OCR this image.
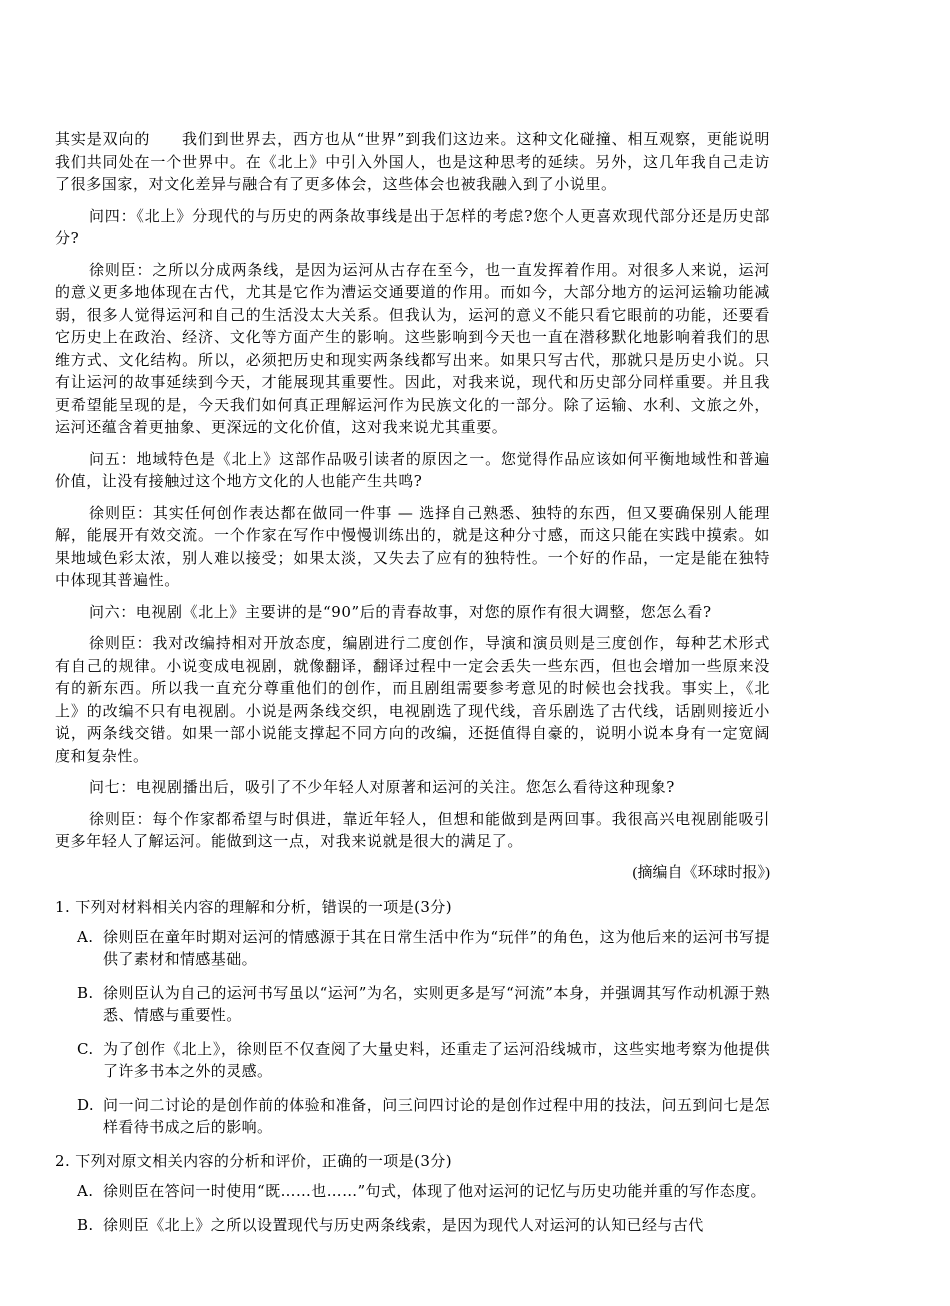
其实是双向的　　我们到世界去，西方也从“世界”到我们这边来。这种文化碰撞、相互观察，更能说明我们共同处在一个世界中。在《北上》中引入外国人，也是这种思考的延续。另外，这几年我自己走访了很多国家，对文化差异与融合有了更多体会，这些体会也被我融入到了小说里。

问四：《北上》分现代的与历史的两条故事线是出于怎样的考虑?您个人更喜欢现代部分还是历史部分?

徐则臣：之所以分成两条线，是因为运河从古存在至今，也一直发挥着作用。对很多人来说，运河的意义更多地体现在古代，尤其是它作为漕运交通要道的作用。而如今，大部分地方的运河运输功能减弱，很多人觉得运河和自己的生活没太大关系。但我认为，运河的意义不能只看它眼前的功能，还要看它历史上在政治、经济、文化等方面产生的影响。这些影响到今天也一直在潜移默化地影响着我们的思维方式、文化结构。所以，必须把历史和现实两条线都写出来。如果只写古代，那就只是历史小说。只有让运河的故事延续到今天，才能展现其重要性。因此，对我来说，现代和历史部分同样重要。并且我更希望能呈现的是，今天我们如何真正理解运河作为民族文化的一部分。除了运输、水利、文旅之外，运河还蕴含着更抽象、更深远的文化价值，这对我来说尤其重要。

问五：地域特色是《北上》这部作品吸引读者的原因之一。您觉得作品应该如何平衡地域性和普遍价值，让没有接触过这个地方文化的人也能产生共鸣?

徐则臣：其实任何创作表达都在做同一件事 — 选择自己熟悉、独特的东西，但又要确保别人能理解，能展开有效交流。一个作家在写作中慢慢训练出的，就是这种分寸感，而这只能在实践中摸索。如果地域色彩太浓，别人难以接受；如果太淡，又失去了应有的独特性。一个好的作品，一定是能在独特中体现其普遍性。

问六：电视剧《北上》主要讲的是“90”后的青春故事，对您的原作有很大调整，您怎么看?

徐则臣：我对改编持相对开放态度，编剧进行二度创作，导演和演员则是三度创作，每种艺术形式有自己的规律。小说变成电视剧，就像翻译，翻译过程中一定会丢失一些东西，但也会增加一些原来没有的新东西。所以我一直充分尊重他们的创作，而且剧组需要参考意见的时候也会找我。事实上，《北上》的改编不只有电视剧。小说是两条线交织，电视剧选了现代线，音乐剧选了古代线，话剧则接近小说，两条线交错。如果一部小说能支撑起不同方向的改编，还挺值得自豪的，说明小说本身有一定宽阔度和复杂性。

问七：电视剧播出后，吸引了不少年轻人对原著和运河的关注。您怎么看待这种现象?

徐则臣：每个作家都希望与时俱进，靠近年轻人，但想和能做到是两回事。我很高兴电视剧能吸引更多年轻人了解运河。能做到这一点，对我来说就是很大的满足了。

(摘编自《环球时报》)
1. 下列对材料相关内容的理解和分析，错误的一项是(3分)
A. 徐则臣在童年时期对运河的情感源于其在日常生活中作为“玩伴”的角色，这为他后来的运河书写提供了素材和情感基础。
B. 徐则臣认为自己的运河书写虽以“运河”为名，实则更多是写“河流”本身，并强调其写作动机源于熟悉、情感与重要性。
C. 为了创作《北上》，徐则臣不仅查阅了大量史料，还重走了运河沿线城市，这些实地考察为他提供了许多书本之外的灵感。
D. 问一问二讨论的是创作前的体验和准备，问三问四讨论的是创作过程中用的技法，问五到问七是怎样看待书成之后的影响。
2. 下列对原文相关内容的分析和评价，正确的一项是(3分)
A. 徐则臣在答问一时使用“既……也……”句式，体现了他对运河的记忆与历史功能并重的写作态度。
B. 徐则臣《北上》之所以设置现代与历史两条线索，是因为现代人对运河的认知已经与古代
